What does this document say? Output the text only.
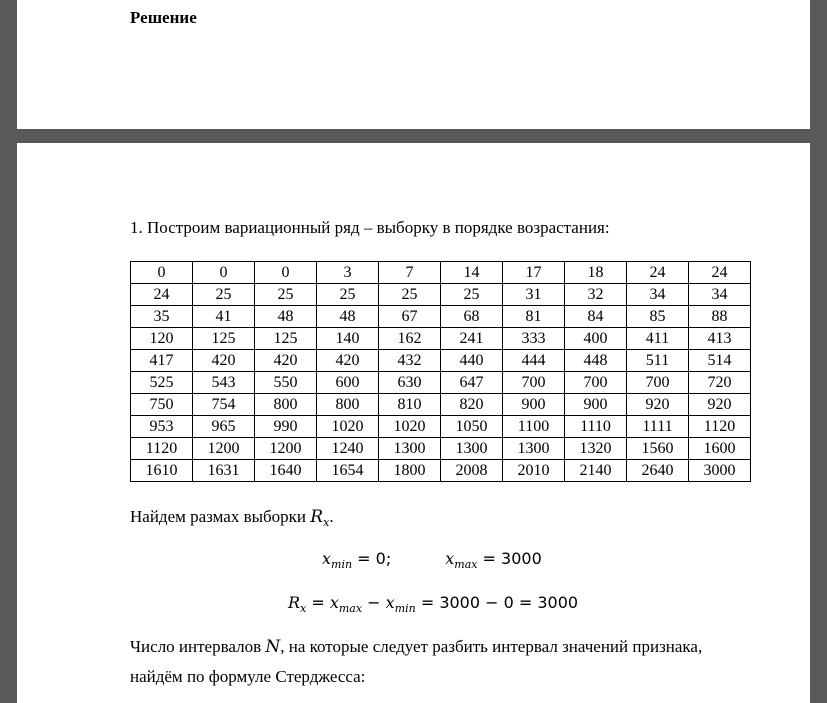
Решение
1. Построим вариационный ряд – выборку в порядке возрастания:
0	0	0	3	7	14	17	18	24	24
24	25	25	25	25	25	31	32	34	34
35	41	48	48	67	68	81	84	85	88
120	125	125	140	162	241	333	400	411	413
417	420	420	420	432	440	444	448	511	514
525	543	550	600	630	647	700	700	700	720
750	754	800	800	810	820	900	900	920	920
953	965	990	1020	1020	1050	1100	1110	1111	1120
1120	1200	1200	1240	1300	1300	1300	1320	1560	1600
1610	1631	1640	1654	1800	2008	2010	2140	2640	3000
Найдем размах выборки $R_x$.
$x_{min} = 0$;	$x_{max} = 3000$
$R_x = x_{max} - x_{min} = 3000 - 0 = 3000$
Число интервалов N, на которые следует разбить интервал значений признака,
найдём по формуле Стерджесса:
